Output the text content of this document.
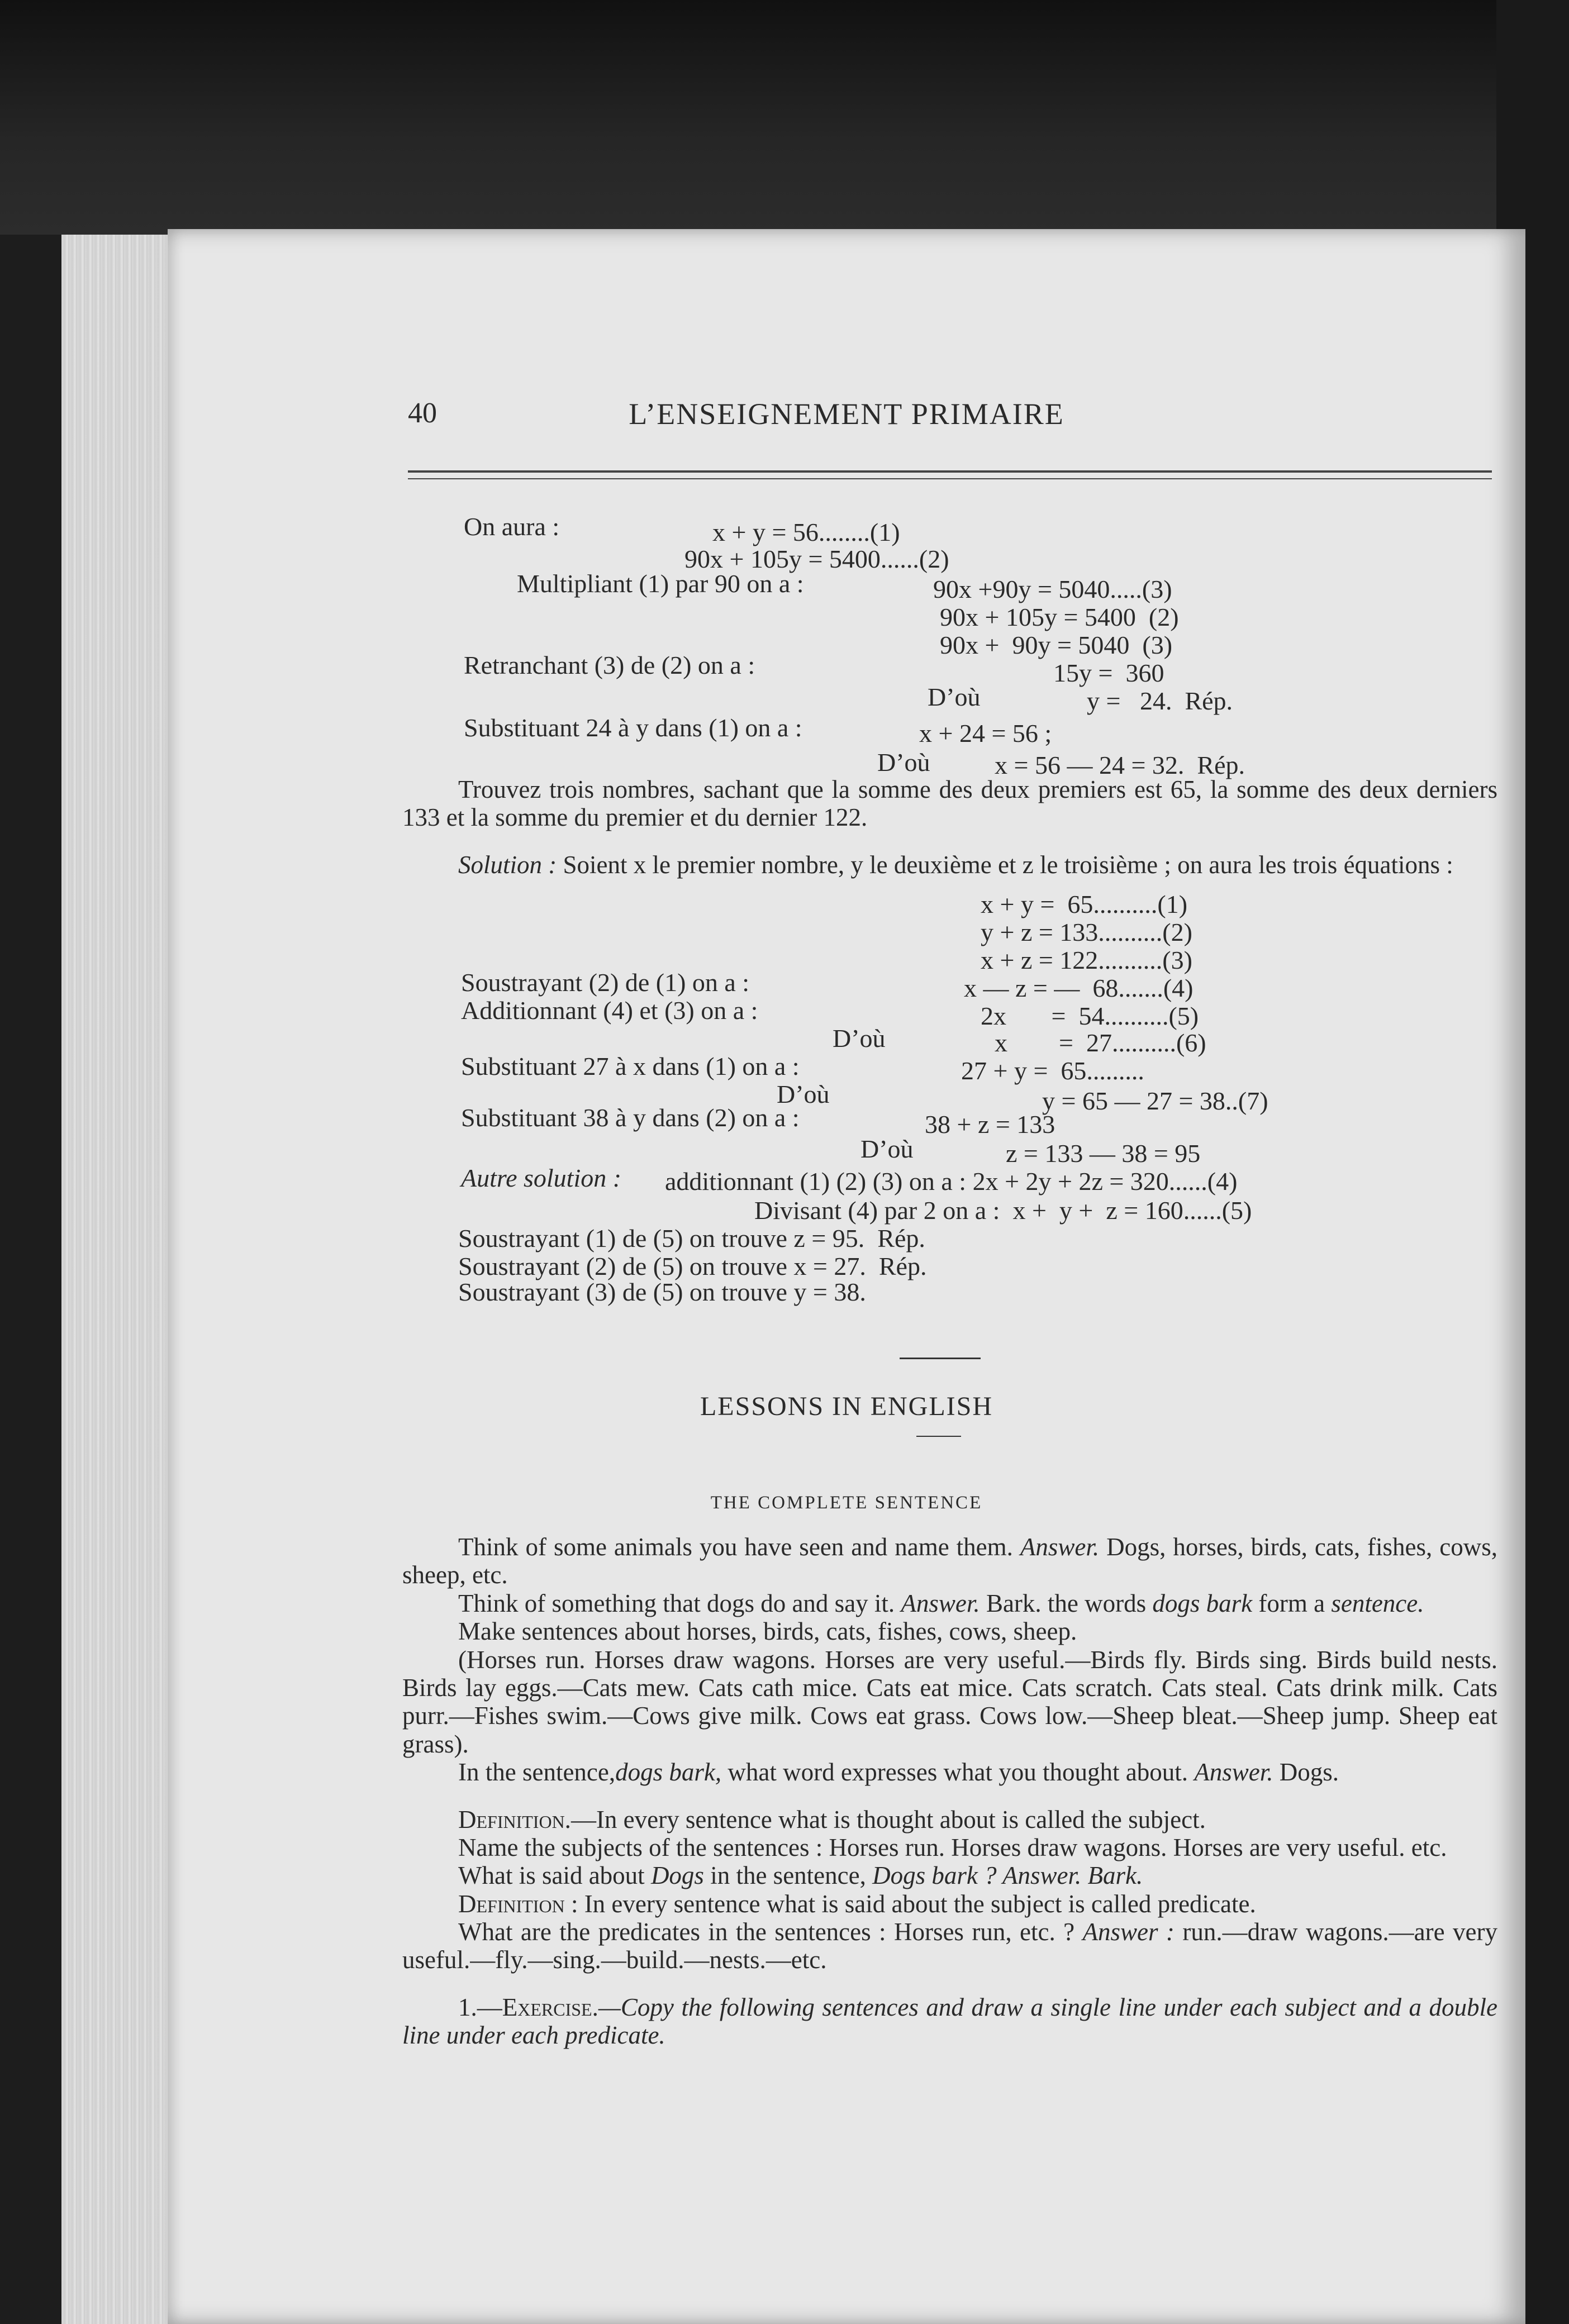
40	L’ENSEIGNEMENT PRIMAIRE
On aura :	x + y = 56........(1)
90x + 105y = 5400......(2)
Multipliant (1) par 90 on a :	90x +90y = 5040.....(3)
90x + 105y = 5400  (2)
90x +  90y = 5040  (3)
Retranchant (3) de (2) on a :	15y =  360
D’où	y =   24.  Rép.
Substituant 24 à y dans (1) on a :	x + 24 = 56 ;
D’où	x = 56 — 24 = 32.  Rép.

Trouvez trois nombres, sachant que la somme des deux premiers est 65, la somme des deux derniers 133 et la somme du premier et du dernier 122.

Solution : Soient x le premier nombre, y le deuxième et z le troisième ; on aura les trois équations :

x + y =  65..........(1)
y + z = 133..........(2)
x + z = 122..........(3)
Soustrayant (2) de (1) on a :	x — z = —  68.......(4)
Additionnant (4) et (3) on a :	2x       =  54..........(5)
D’où	x        =  27..........(6)
Substituant 27 à x dans (1) on a :	27 + y =  65.........
D’où	y = 65 — 27 = 38..(7)
Substituant 38 à y dans (2) on a :	38 + z = 133
D’où	z = 133 — 38 = 95
Autre solution : additionnant (1) (2) (3) on a : 2x + 2y + 2z = 320......(4)
Divisant (4) par 2 on a :  x +  y +  z = 160......(5)
Soustrayant (1) de (5) on trouve z = 95.  Rép.
Soustrayant (2) de (5) on trouve x = 27.  Rép.
Soustrayant (3) de (5) on trouve y = 38.
LESSONS IN ENGLISH
THE COMPLETE SENTENCE

Think of some animals you have seen and name them. Answer. Dogs, horses, birds, cats, fishes, cows, sheep, etc.

Think of something that dogs do and say it. Answer. Bark. the words dogs bark form a sentence.

Make sentences about horses, birds, cats, fishes, cows, sheep.

(Horses run. Horses draw wagons. Horses are very useful.—Birds fly. Birds sing. Birds build nests. Birds lay eggs.—Cats mew. Cats cath mice. Cats eat mice. Cats scratch. Cats steal. Cats drink milk. Cats purr.—Fishes swim.—Cows give milk. Cows eat grass. Cows low.—Sheep bleat.—Sheep jump. Sheep eat grass).

In the sentence,dogs bark, what word expresses what you thought about. Answer. Dogs.

Definition.—In every sentence what is thought about is called the subject.

Name the subjects of the sentences : Horses run. Horses draw wagons. Horses are very useful. etc.

What is said about Dogs in the sentence, Dogs bark ? Answer. Bark.

Definition : In every sentence what is said about the subject is called predicate.

What are the predicates in the sentences : Horses run, etc. ? Answer : run.—draw wagons.—are very useful.—fly.—sing.—build.—nests.—etc.

1.—Exercise.—Copy the following sentences and draw a single line under each subject and a double line under each predicate.
